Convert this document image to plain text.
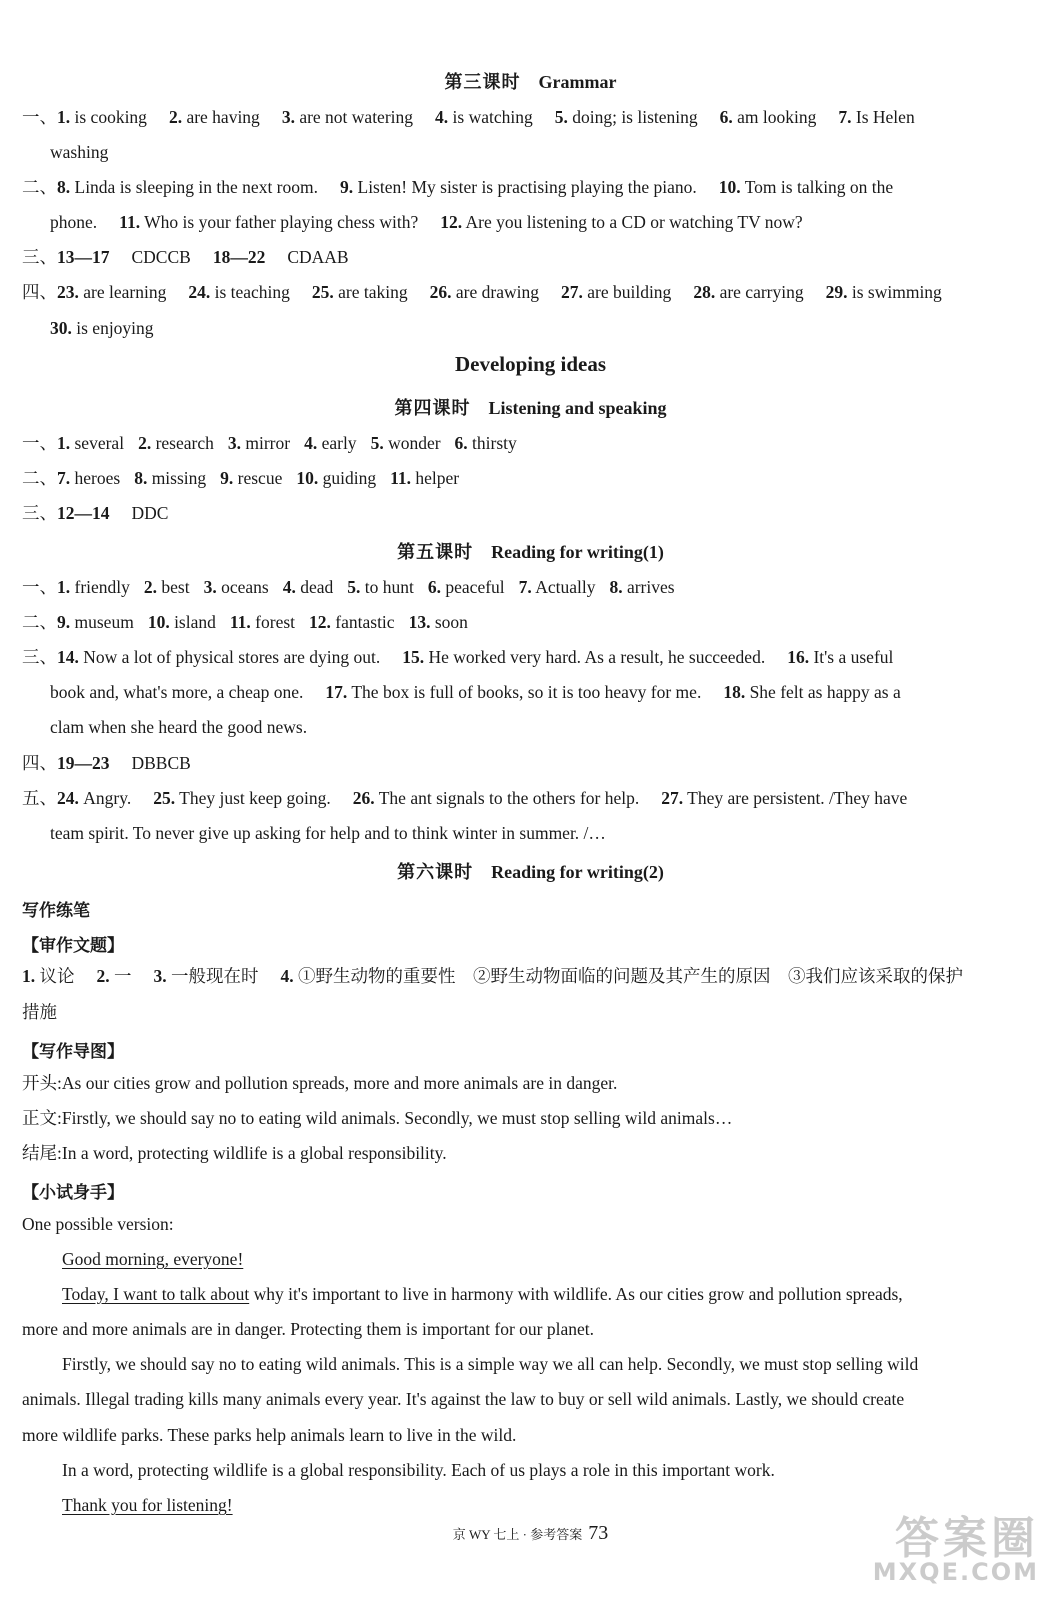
第三课时 Grammar
一、1. is cooking 2. are having 3. are not watering 4. is watching 5. doing; is listening 6. am looking 7. Is Helen
washing
二、8. Linda is sleeping in the next room. 9. Listen! My sister is practising playing the piano. 10. Tom is talking on the
phone. 11. Who is your father playing chess with? 12. Are you listening to a CD or watching TV now?
三、13—17 CDCCB 18—22 CDAAB
四、23. are learning 24. is teaching 25. are taking 26. are drawing 27. are building 28. are carrying 29. is swimming
30. is enjoying
Developing ideas
第四课时 Listening and speaking
一、1. several 2. research 3. mirror 4. early 5. wonder 6. thirsty
二、7. heroes 8. missing 9. rescue 10. guiding 11. helper
三、12—14 DDC
第五课时 Reading for writing(1)
一、1. friendly 2. best 3. oceans 4. dead 5. to hunt 6. peaceful 7. Actually 8. arrives
二、9. museum 10. island 11. forest 12. fantastic 13. soon
三、14. Now a lot of physical stores are dying out. 15. He worked very hard. As a result, he succeeded. 16. It's a useful
book and, what's more, a cheap one. 17. The box is full of books, so it is too heavy for me. 18. She felt as happy as a
clam when she heard the good news.
四、19—23 DBBCB
五、24. Angry. 25. They just keep going. 26. The ant signals to the others for help. 27. They are persistent. /They have
team spirit. To never give up asking for help and to think winter in summer. /…
第六课时 Reading for writing(2)
写作练笔
【审作文题】
1. 议论 2. 一 3. 一般现在时 4. ①野生动物的重要性　②野生动物面临的问题及其产生的原因　③我们应该采取的保护
措施
【写作导图】
开头:As our cities grow and pollution spreads, more and more animals are in danger.
正文:Firstly, we should say no to eating wild animals. Secondly, we must stop selling wild animals…
结尾:In a word, protecting wildlife is a global responsibility.
【小试身手】
One possible version:
Good morning, everyone!
Today, I want to talk about why it's important to live in harmony with wildlife. As our cities grow and pollution spreads,
more and more animals are in danger. Protecting them is important for our planet.
Firstly, we should say no to eating wild animals. This is a simple way we all can help. Secondly, we must stop selling wild
animals. Illegal trading kills many animals every year. It's against the law to buy or sell wild animals. Lastly, we should create
more wildlife parks. These parks help animals learn to live in the wild.
In a word, protecting wildlife is a global responsibility. Each of us plays a role in this important work.
Thank you for listening!
京 WY 七上 · 参考答案 73	答案圈
MXQE.COM
